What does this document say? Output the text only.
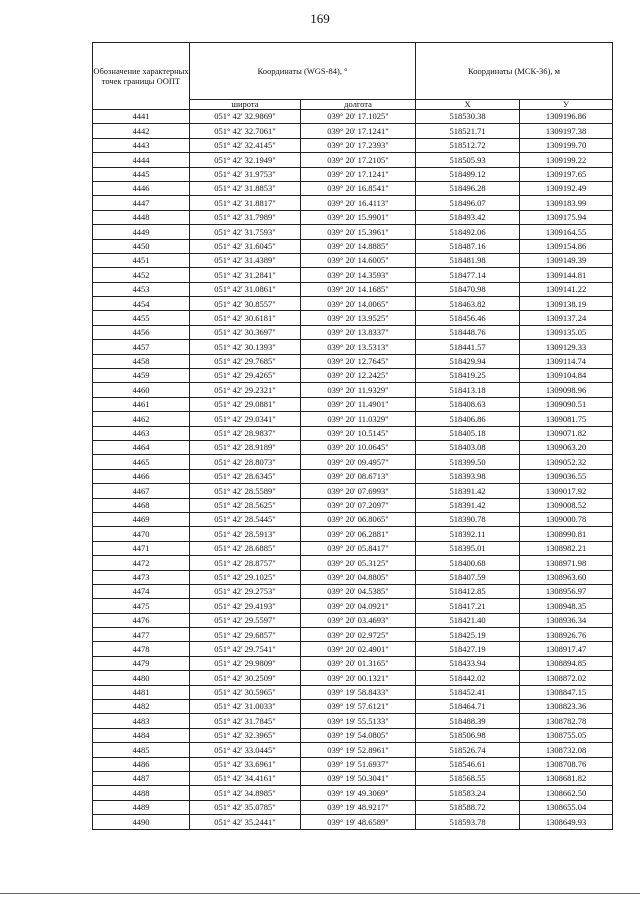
169
Обозначение характерных точек границы ООПТ	Координаты (WGS-84), °		Координаты (МСК-36), м	
	широта	долгота	X	У
4441	051° 42' 32.9869"	039° 20' 17.1025"	518530.38	1309196.86
4442	051° 42' 32.7061"	039° 20' 17.1241"	518521.71	1309197.38
4443	051° 42' 32.4145"	039° 20' 17.2393"	518512.72	1309199.70
4444	051° 42' 32.1949"	039° 20' 17.2105"	518505.93	1309199.22
4445	051° 42' 31.9753"	039° 20' 17.1241"	518499.12	1309197.65
4446	051° 42' 31.8853"	039° 20' 16.8541"	518496.28	1309192.49
4447	051° 42' 31.8817"	039° 20' 16.4113"	518496.07	1309183.99
4448	051° 42' 31.7989"	039° 20' 15.9901"	518493.42	1309175.94
4449	051° 42' 31.7593"	039° 20' 15.3961"	518492.06	1309164.55
4450	051° 42' 31.6045"	039° 20' 14.8885"	518487.16	1309154.86
4451	051° 42' 31.4389"	039° 20' 14.6005"	518481.98	1309149.39
4452	051° 42' 31.2841"	039° 20' 14.3593"	518477.14	1309144.81
4453	051° 42' 31.0861"	039° 20' 14.1685"	518470.98	1309141.22
4454	051° 42' 30.8557"	039° 20' 14.0065"	518463.82	1309138.19
4455	051° 42' 30.6181"	039° 20' 13.9525"	518456.46	1309137.24
4456	051° 42' 30.3697"	039° 20' 13.8337"	518448.76	1309135.05
4457	051° 42' 30.1393"	039° 20' 13.5313"	518441.57	1309129.33
4458	051° 42' 29.7685"	039° 20' 12.7645"	518429.94	1309114.74
4459	051° 42' 29.4265"	039° 20' 12.2425"	518419.25	1309104.84
4460	051° 42' 29.2321"	039° 20' 11.9329"	518413.18	1309098.96
4461	051° 42' 29.0881"	039° 20' 11.4901"	518408.63	1309090.51
4462	051° 42' 29.0341"	039° 20' 11.0329"	518406.86	1309081.75
4463	051° 42' 28.9837"	039° 20' 10.5145"	518405.18	1309071.82
4464	051° 42' 28.9189"	039° 20' 10.0645"	518403.08	1309063.20
4465	051° 42' 28.8073"	039° 20' 09.4957"	518399.50	1309052.32
4466	051° 42' 28.6345"	039° 20' 08.6713"	518393.98	1309036.55
4467	051° 42' 28.5589"	039° 20' 07.6993"	518391.42	1309017.92
4468	051° 42' 28.5625"	039° 20' 07.2097"	518391.42	1309008.52
4469	051° 42' 28.5445"	039° 20' 06.8065"	518390.78	1309000.78
4470	051° 42' 28.5913"	039° 20' 06.2881"	518392.11	1308990.81
4471	051° 42' 28.6885"	039° 20' 05.8417"	518395.01	1308982.21
4472	051° 42' 28.8757"	039° 20' 05.3125"	518400.68	1308971.98
4473	051° 42' 29.1025"	039° 20' 04.8805"	518407.59	1308963.60
4474	051° 42' 29.2753"	039° 20' 04.5385"	518412.85	1308956.97
4475	051° 42' 29.4193"	039° 20' 04.0921"	518417.21	1308948.35
4476	051° 42' 29.5597"	039° 20' 03.4693"	518421.40	1308936.34
4477	051° 42' 29.6857"	039° 20' 02.9725"	518425.19	1308926.76
4478	051° 42' 29.7541"	039° 20' 02.4901"	518427.19	1308917.47
4479	051° 42' 29.9809"	039° 20' 01.3165"	518433.94	1308894.85
4480	051° 42' 30.2509"	039° 20' 00.1321"	518442.02	1308872.02
4481	051° 42' 30.5965"	039° 19' 58.8433"	518452.41	1308847.15
4482	051° 42' 31.0033"	039° 19' 57.6121"	518464.71	1308823.36
4483	051° 42' 31.7845"	039° 19' 55.5133"	518488.39	1308782.78
4484	051° 42' 32.3965"	039° 19' 54.0805"	518506.98	1308755.05
4485	051° 42' 33.0445"	039° 19' 52.8961"	518526.74	1308732.08
4486	051° 42' 33.6961"	039° 19' 51.6937"	518546.61	1308708.76
4487	051° 42' 34.4161"	039° 19' 50.3041"	518568.55	1308681.82
4488	051° 42' 34.8985"	039° 19' 49.3069"	518583.24	1308662.50
4489	051° 42' 35.0785"	039° 19' 48.9217"	518588.72	1308655.04
4490	051° 42' 35.2441"	039° 19' 48.6589"	518593.78	1308649.93
